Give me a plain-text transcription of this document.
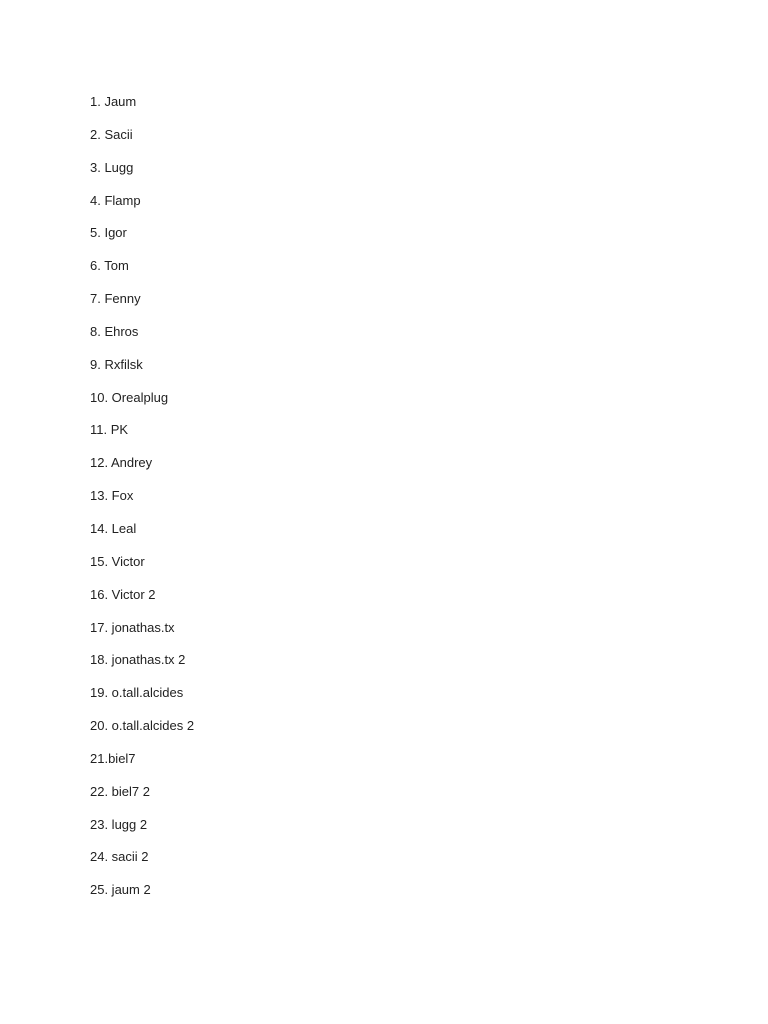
1. Jaum
2. Sacii
3. Lugg
4. Flamp
5. Igor
6. Tom
7. Fenny
8. Ehros
9. Rxfilsk
10. Orealplug
11. PK
12. Andrey
13. Fox
14. Leal
15. Victor
16. Victor 2
17. jonathas.tx
18. jonathas.tx 2
19. o.tall.alcides
20. o.tall.alcides 2
21.biel7
22. biel7 2
23. lugg 2
24. sacii 2
25. jaum 2
